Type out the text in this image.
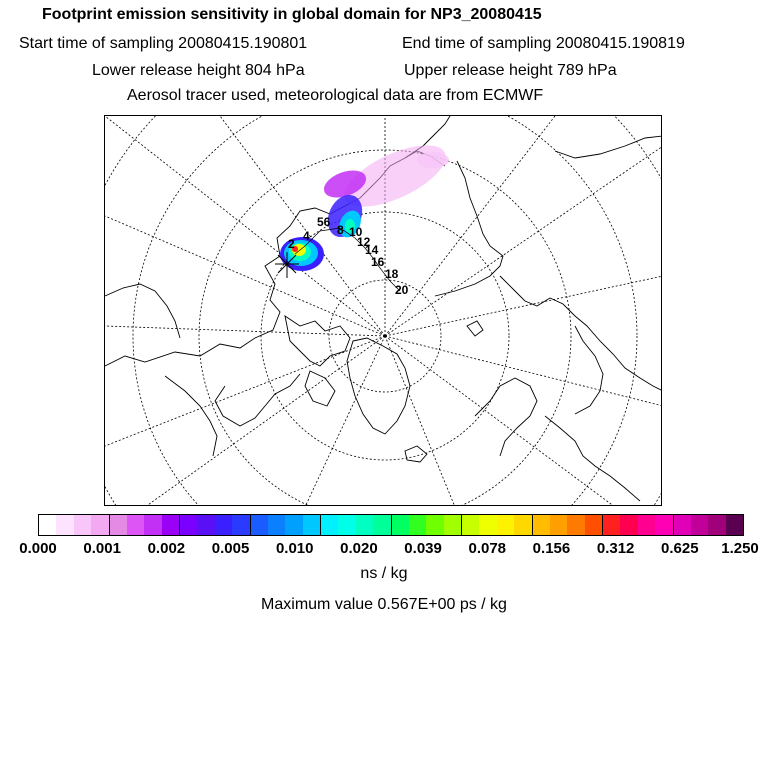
Footprint emission sensitivity in global domain for NP3_20080415
Start time of sampling 20080415.190801	End time of sampling 20080415.190819
Lower release height 804 hPa	Upper release height 789 hPa
Aerosol tracer used, meteorological data are from ECMWF
2
4
56
8 10
12
14
16
18
20
ns / kg
Maximum value 0.567E+00 ps / kg
0.000 0.001 0.002 0.005 0.010 0.020 0.039 0.078 0.156 0.312 0.625 1.250
